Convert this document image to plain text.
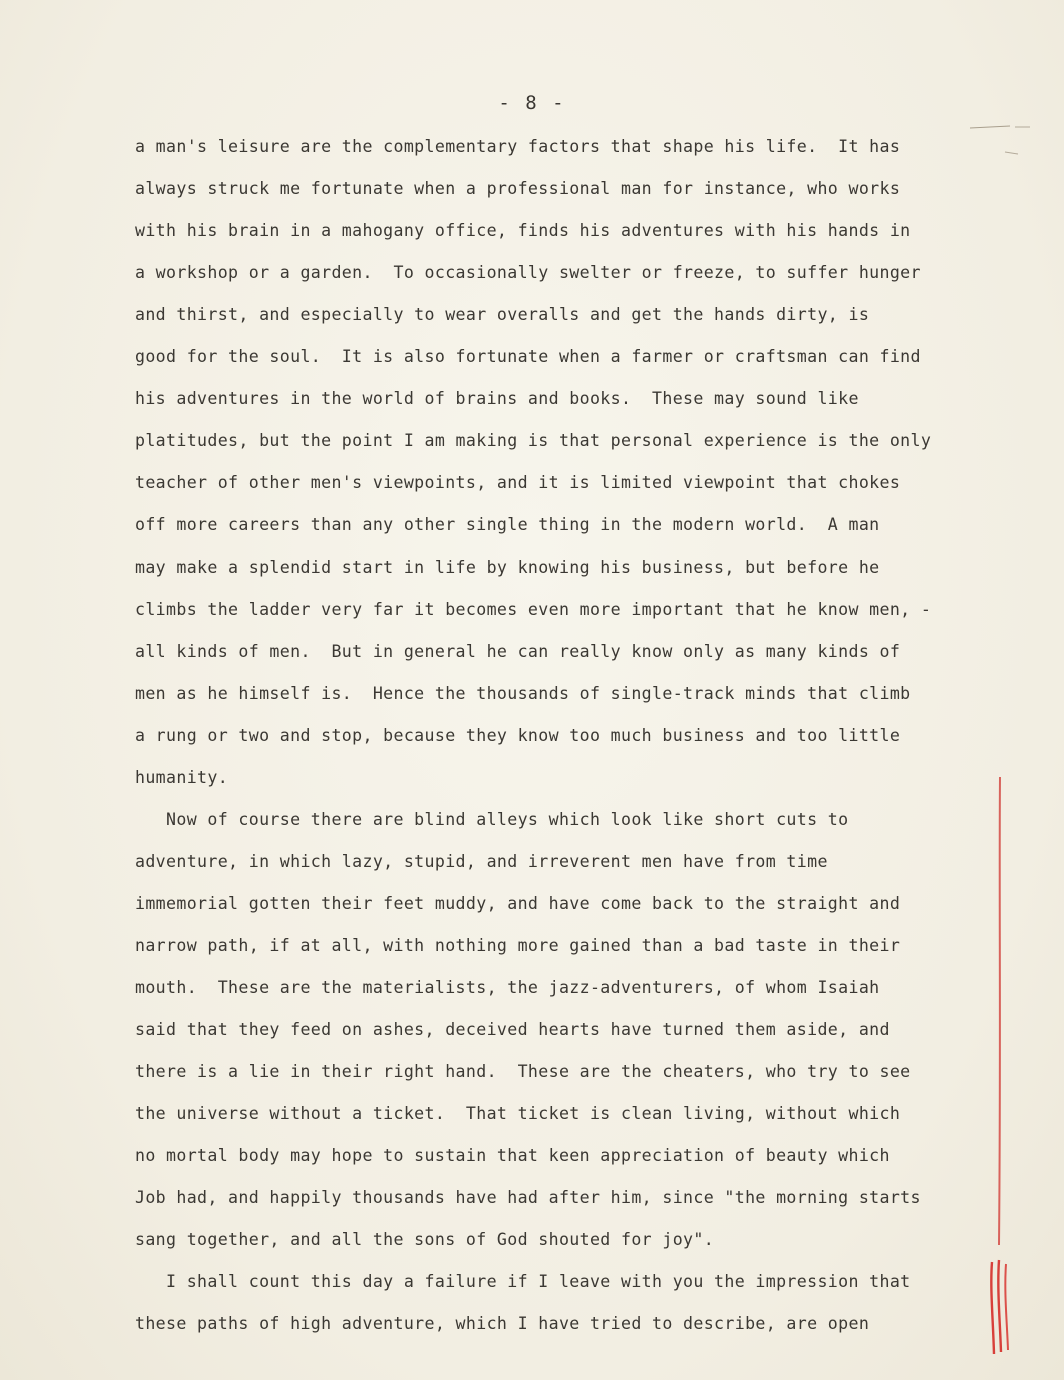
- 8 -
a man's leisure are the complementary factors that shape his life.  It has
always struck me fortunate when a professional man for instance, who works
with his brain in a mahogany office, finds his adventures with his hands in
a workshop or a garden.  To occasionally swelter or freeze, to suffer hunger
and thirst, and especially to wear overalls and get the hands dirty, is
good for the soul.  It is also fortunate when a farmer or craftsman can find
his adventures in the world of brains and books.  These may sound like
platitudes, but the point I am making is that personal experience is the only
teacher of other men's viewpoints, and it is limited viewpoint that chokes
off more careers than any other single thing in the modern world.  A man
may make a splendid start in life by knowing his business, but before he
climbs the ladder very far it becomes even more important that he know men, -
all kinds of men.  But in general he can really know only as many kinds of
men as he himself is.  Hence the thousands of single-track minds that climb
a rung or two and stop, because they know too much business and too little
humanity.
Now of course there are blind alleys which look like short cuts to
adventure, in which lazy, stupid, and irreverent men have from time
immemorial gotten their feet muddy, and have come back to the straight and
narrow path, if at all, with nothing more gained than a bad taste in their
mouth.  These are the materialists, the jazz-adventurers, of whom Isaiah
said that they feed on ashes, deceived hearts have turned them aside, and
there is a lie in their right hand.  These are the cheaters, who try to see
the universe without a ticket.  That ticket is clean living, without which
no mortal body may hope to sustain that keen appreciation of beauty which
Job had, and happily thousands have had after him, since "the morning starts
sang together, and all the sons of God shouted for joy".
I shall count this day a failure if I leave with you the impression that
these paths of high adventure, which I have tried to describe, are open
